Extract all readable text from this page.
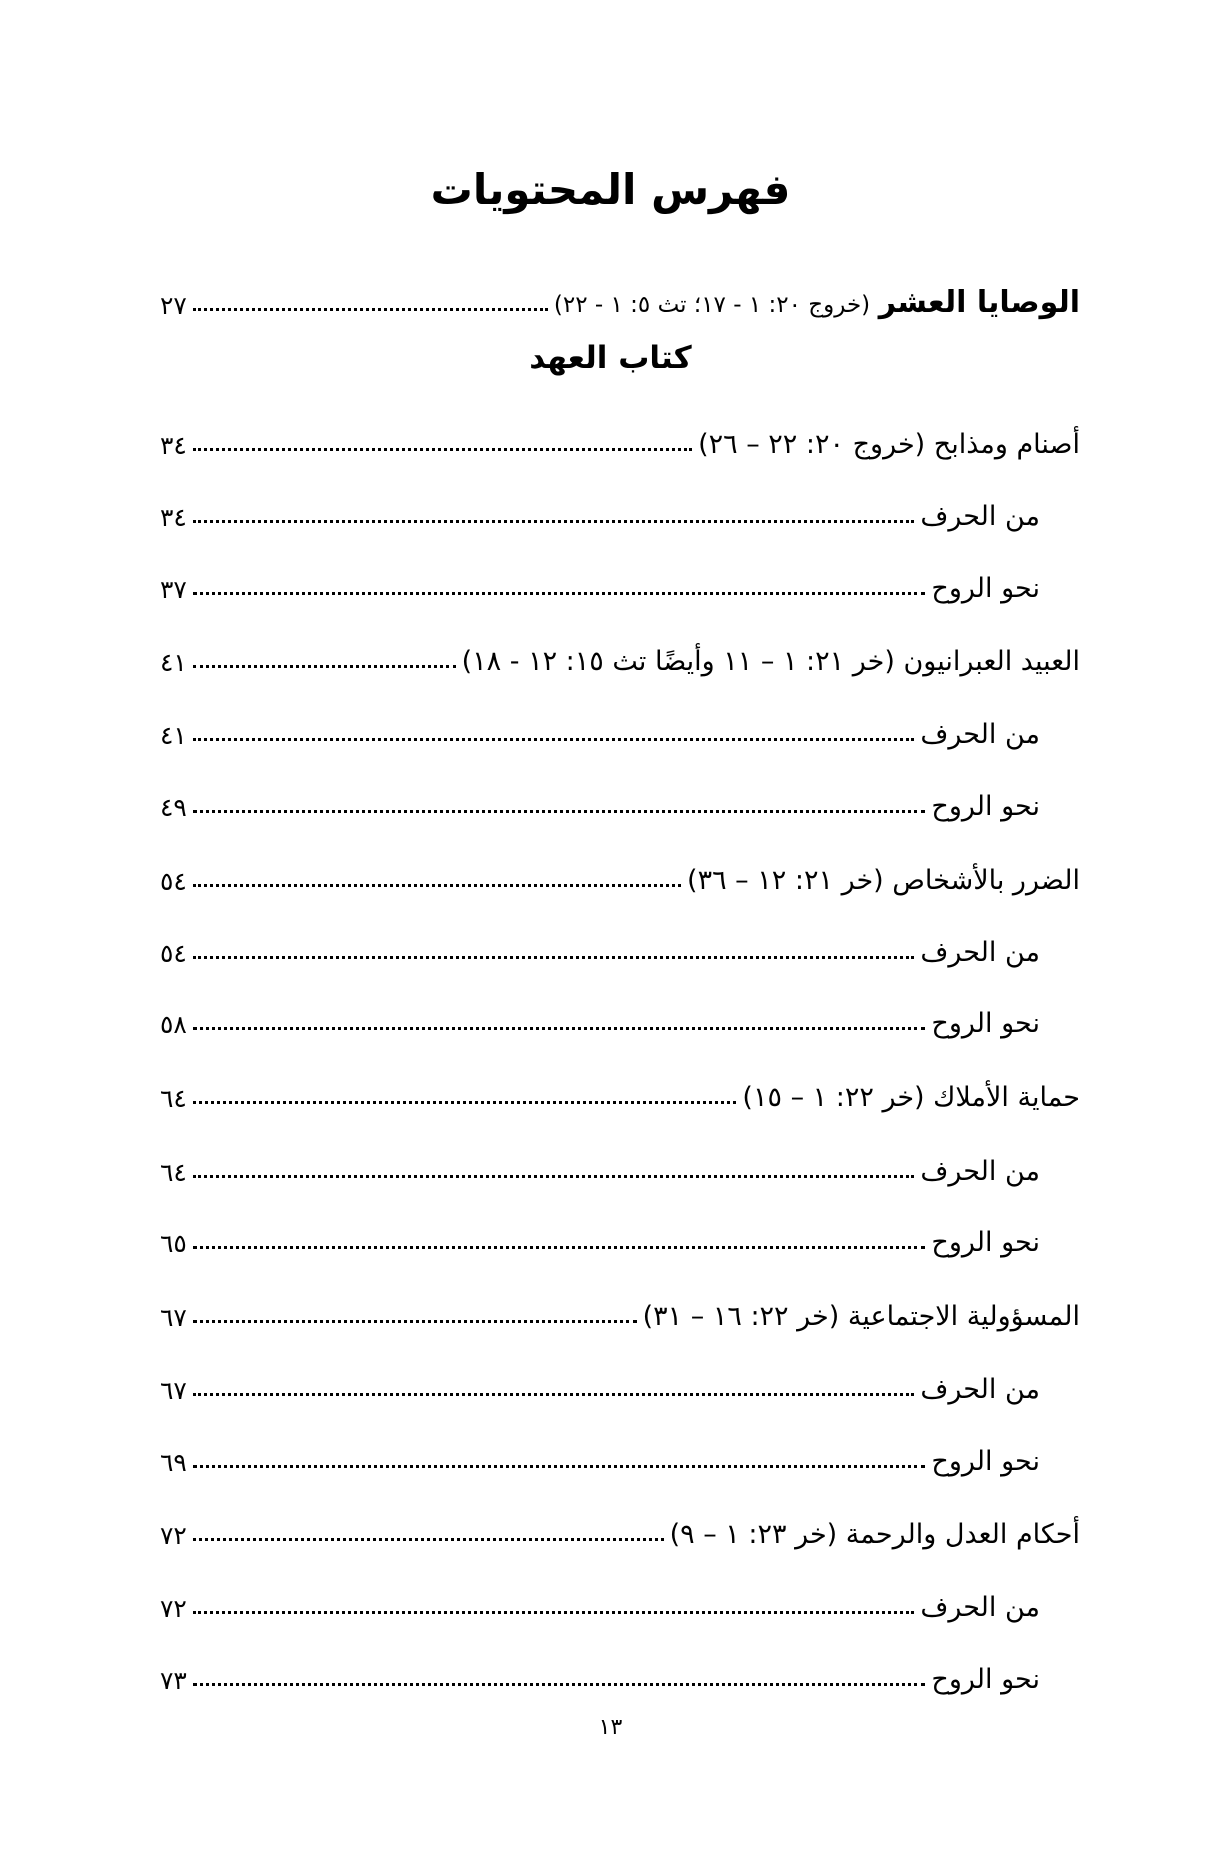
فهرس المحتويات
الوصايا العشر (خروج ٢٠: ١ - ١٧؛ تث ٥: ١ - ٢٢)
٢٧
كتاب العهد
أصنام ومذابح (خروج ٢٠: ٢٢ – ٢٦)
٣٤
من الحرف
٣٤
نحو الروح
٣٧
العبيد العبرانيون (خر ٢١: ١ – ١١ وأيضًا تث ١٥: ١٢ - ١٨)
٤١
من الحرف
٤١
نحو الروح
٤٩
الضرر بالأشخاص (خر ٢١: ١٢ – ٣٦)
٥٤
من الحرف
٥٤
نحو الروح
٥٨
حماية الأملاك (خر ٢٢: ١ – ١٥)
٦٤
من الحرف
٦٤
نحو الروح
٦٥
المسؤولية الاجتماعية (خر ٢٢: ١٦ – ٣١)
٦٧
من الحرف
٦٧
نحو الروح
٦٩
أحكام العدل والرحمة (خر ٢٣: ١ – ٩)
٧٢
من الحرف
٧٢
نحو الروح
٧٣
١٣
